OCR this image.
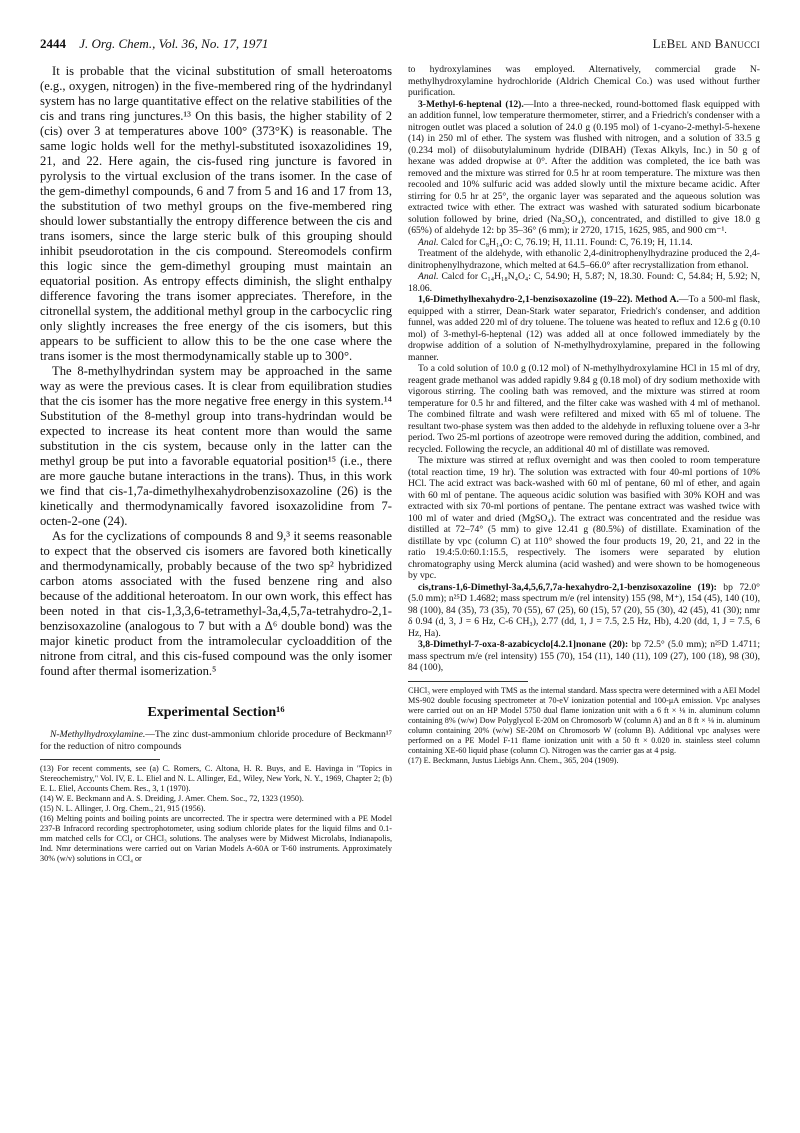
2444 J. Org. Chem., Vol. 36, No. 17, 1971	LeBel and Banucci

It is probable that the vicinal substitution of small heteroatoms (e.g., oxygen, nitrogen) in the five-membered ring of the hydrindanyl system has no large quantitative effect on the relative stabilities of the cis and trans ring junctures.¹³ On this basis, the higher stability of 2 (cis) over 3 at temperatures above 100° (373°K) is reasonable. The same logic holds well for the methyl-substituted isoxazolidines 19, 21, and 22. Here again, the cis-fused ring juncture is favored in pyrolysis to the virtual exclusion of the trans isomer. In the case of the gem-dimethyl compounds, 6 and 7 from 5 and 16 and 17 from 13, the substitution of two methyl groups on the five-membered ring should lower substantially the entropy difference between the cis and trans isomers, since the large steric bulk of this grouping should inhibit pseudorotation in the cis compound. Stereomodels confirm this logic since the gem-dimethyl grouping must maintain an equatorial position. As entropy effects diminish, the slight enthalpy difference favoring the trans isomer appreciates. Therefore, in the citronellal system, the additional methyl group in the carbocyclic ring only slightly increases the free energy of the cis isomers, but this appears to be sufficient to allow this to be the one case where the trans isomer is the most thermodynamically stable up to 300°.

The 8-methylhydrindan system may be approached in the same way as were the previous cases. It is clear from equilibration studies that the cis isomer has the more negative free energy in this system.¹⁴ Substitution of the 8-methyl group into trans-hydrindan would be expected to increase its heat content more than would the same substitution in the cis system, because only in the latter can the methyl group be put into a favorable equatorial position¹⁵ (i.e., there are more gauche butane interactions in the trans). Thus, in this work we find that cis-1,7a-dimethylhexahydrobenzisoxazoline (26) is the kinetically and thermodynamically favored isoxazolidine from 7-octen-2-one (24).

As for the cyclizations of compounds 8 and 9,³ it seems reasonable to expect that the observed cis isomers are favored both kinetically and thermodynamically, probably because of the two sp² hybridized carbon atoms associated with the fused benzene ring and also because of the additional heteroatom. In our own work, this effect has been noted in that cis-1,3,3,6-tetramethyl-3a,4,5,7a-tetrahydro-2,1-benzisoxazoline (analogous to 7 but with a Δ⁶ double bond) was the major kinetic product from the intramolecular cycloaddition of the nitrone from citral, and this cis-fused compound was the only isomer found after thermal isomerization.⁵

Experimental Section¹⁶

N-Methylhydroxylamine.—The zinc dust-ammonium chloride procedure of Beckmann¹⁷ for the reduction of nitro compounds

(13) For recent comments, see (a) C. Romers, C. Altona, H. R. Buys, and E. Havinga in "Topics in Stereochemistry," Vol. IV, E. L. Eliel and N. L. Allinger, Ed., Wiley, New York, N. Y., 1969, Chapter 2; (b) E. L. Eliel, Accounts Chem. Res., 3, 1 (1970).

(14) W. E. Beckmann and A. S. Dreiding, J. Amer. Chem. Soc., 72, 1323 (1950).

(15) N. L. Allinger, J. Org. Chem., 21, 915 (1956).

(16) Melting points and boiling points are uncorrected. The ir spectra were determined with a PE Model 237-B Infracord recording spectrophotometer, using sodium chloride plates for the liquid films and 0.1-mm matched cells for CCl₄ or CHCl₃ solutions. The analyses were by Midwest Microlabs, Indianapolis, Ind. Nmr determinations were carried out on Varian Models A-60A or T-60 instruments. Approximately 30% (w/v) solutions in CCl₄ or

to hydroxylamines was employed. Alternatively, commercial grade N-methylhydroxylamine hydrochloride (Aldrich Chemical Co.) was used without further purification.

3-Methyl-6-heptenal (12).—Into a three-necked, round-bottomed flask equipped with an addition funnel, low temperature thermometer, stirrer, and a Friedrich's condenser with a nitrogen outlet was placed a solution of 24.0 g (0.195 mol) of 1-cyano-2-methyl-5-hexene (14) in 250 ml of ether. The system was flushed with nitrogen, and a solution of 33.5 g (0.234 mol) of diisobutylaluminum hydride (DIBAH) (Texas Alkyls, Inc.) in 50 g of hexane was added dropwise at 0°. After the addition was completed, the ice bath was removed and the mixture was stirred for 0.5 hr at room temperature. The mixture was then recooled and 10% sulfuric acid was added slowly until the mixture became acidic. After stirring for 0.5 hr at 25°, the organic layer was separated and the aqueous solution was extracted twice with ether. The extract was washed with saturated sodium bicarbonate solution followed by brine, dried (Na₂SO₄), concentrated, and distilled to give 18.0 g (65%) of aldehyde 12: bp 35–36° (6 mm); ir 2720, 1715, 1625, 985, and 900 cm⁻¹.

Anal. Calcd for C₈H₁₄O: C, 76.19; H, 11.11. Found: C, 76.19; H, 11.14.

Treatment of the aldehyde, with ethanolic 2,4-dinitrophenylhydrazine produced the 2,4-dinitrophenylhydrazone, which melted at 64.5–66.0° after recrystallization from ethanol.

Anal. Calcd for C₁₄H₁₈N₄O₄: C, 54.90; H, 5.87; N, 18.30. Found: C, 54.84; H, 5.92; N, 18.06.

1,6-Dimethylhexahydro-2,1-benzisoxazoline (19–22). Method A.—To a 500-ml flask, equipped with a stirrer, Dean-Stark water separator, Friedrich's condenser, and addition funnel, was added 220 ml of dry toluene. The toluene was heated to reflux and 12.6 g (0.10 mol) of 3-methyl-6-heptenal (12) was added all at once followed immediately by the dropwise addition of a solution of N-methylhydroxylamine, prepared in the following manner.

To a cold solution of 10.0 g (0.12 mol) of N-methylhydroxylamine HCl in 15 ml of dry, reagent grade methanol was added rapidly 9.84 g (0.18 mol) of dry sodium methoxide with vigorous stirring. The cooling bath was removed, and the mixture was stirred at room temperature for 0.5 hr and filtered, and the filter cake was washed with 4 ml of methanol. The combined filtrate and wash were refiltered and mixed with 65 ml of toluene. The resultant two-phase system was then added to the aldehyde in refluxing toluene over a 3-hr period. Two 25-ml portions of azeotrope were removed during the addition, combined, and recycled. Following the recycle, an additional 40 ml of distillate was removed.

The mixture was stirred at reflux overnight and was then cooled to room temperature (total reaction time, 19 hr). The solution was extracted with four 40-ml portions of 10% HCl. The acid extract was back-washed with 60 ml of pentane, 60 ml of ether, and again with 60 ml of pentane. The aqueous acidic solution was basified with 30% KOH and was extracted with six 70-ml portions of pentane. The pentane extract was washed twice with 100 ml of water and dried (MgSO₄). The extract was concentrated and the residue was distilled at 72–74° (5 mm) to give 12.41 g (80.5%) of distillate. Examination of the distillate by vpc (column C) at 110° showed the four products 19, 20, 21, and 22 in the ratio 19.4:5.0:60.1:15.5, respectively. The isomers were separated by elution chromatography using Merck alumina (acid washed) and were shown to be homogeneous by vpc.

cis,trans-1,6-Dimethyl-3a,4,5,6,7,7a-hexahydro-2,1-benzisoxazoline (19): bp 72.0° (5.0 mm); n²⁵D 1.4682; mass spectrum m/e (rel intensity) 155 (98, M⁺), 154 (45), 140 (10), 98 (100), 84 (35), 73 (35), 70 (55), 67 (25), 60 (15), 57 (20), 55 (30), 42 (45), 41 (30); nmr δ 0.94 (d, 3, J = 6 Hz, C-6 CH₃), 2.77 (dd, 1, J = 7.5, 2.5 Hz, Hb), 4.20 (dd, 1, J = 7.5, 6 Hz, Ha).

3,8-Dimethyl-7-oxa-8-azabicyclo[4.2.1]nonane (20): bp 72.5° (5.0 mm); n²⁵D 1.4711; mass spectrum m/e (rel intensity) 155 (70), 154 (11), 140 (11), 109 (27), 100 (18), 98 (30), 84 (100),

CHCl₃ were employed with TMS as the internal standard. Mass spectra were determined with a AEI Model MS-902 double focusing spectrometer at 70-eV ionization potential and 100-μA emission. Vpc analyses were carried out on an HP Model 5750 dual flame ionization unit with a 6 ft × ⅛ in. aluminum column containing 8% (w/w) Dow Polyglycol E-20M on Chromosorb W (column A) and an 8 ft × ⅛ in. aluminum column containing 20% (w/w) SE-20M on Chromosorb W (column B). Additional vpc analyses were performed on a PE Model F-11 flame ionization unit with a 50 ft × 0.020 in. stainless steel column containing XE-60 liquid phase (column C). Nitrogen was the carrier gas at 4 psig.

(17) E. Beckmann, Justus Liebigs Ann. Chem., 365, 204 (1909).
